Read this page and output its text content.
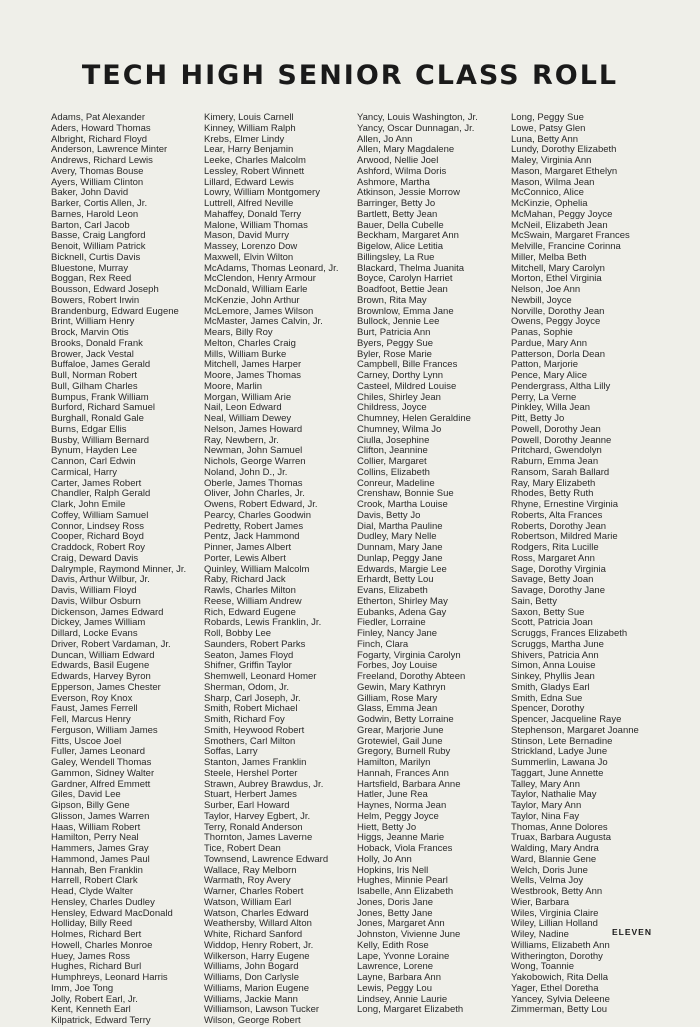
TECH HIGH SENIOR CLASS ROLL
Adams, Pat Alexander
Aders, Howard Thomas
Albright, Richard Floyd
Anderson, Lawrence Minter
Andrews, Richard Lewis
Avery, Thomas Bouse
Ayers, William Clinton
Baker, John David
Barker, Cortis Allen, Jr.
Barnes, Harold Leon
Barton, Carl Jacob
Basse, Craig Langford
Benoit, William Patrick
Bicknell, Curtis Davis
Bluestone, Murray
Boggan, Rex Reed
Bousson, Edward Joseph
Bowers, Robert Irwin
Brandenburg, Edward Eugene
Brint, William Henry
Brock, Marvin Otis
Brooks, Donald Frank
Brower, Jack Vestal
Buffaloe, James Gerald
Bull, Norman Robert
Bull, Gilham Charles
Bumpus, Frank William
Burford, Richard Samuel
Burghall, Ronald Gale
Burns, Edgar Ellis
Busby, William Bernard
Bynum, Hayden Lee
Cannon, Carl Edwin
Carmical, Harry
Carter, James Robert
Chandler, Ralph Gerald
Clark, John Emile
Coffey, William Samuel
Connor, Lindsey Ross
Cooper, Richard Boyd
Craddock, Robert Roy
Craig, Deward Davis
Dalrymple, Raymond Minner, Jr.
Davis, Arthur Wilbur, Jr.
Davis, William Floyd
Davis, Wilbur Osburn
Dickenson, James Edward
Dickey, James William
Dillard, Locke Evans
Driver, Robert Vardaman, Jr.
Duncan, William Edward
Edwards, Basil Eugene
Edwards, Harvey Byron
Epperson, James Chester
Everson, Roy Knox
Faust, James Ferrell
Fell, Marcus Henry
Ferguson, William James
Fitts, Uscoe Joel
Fuller, James Leonard
Galey, Wendell Thomas
Gammon, Sidney Walter
Gardner, Alfred Emmett
Giles, David Lee
Gipson, Billy Gene
Glisson, James Warren
Haas, William Robert
Hamilton, Perry Neal
Hammers, James Gray
Hammond, James Paul
Hannah, Ben Franklin
Harrell, Robert Clark
Head, Clyde Walter
Hensley, Charles Dudley
Hensley, Edward MacDonald
Holliday, Billy Reed
Holmes, Richard Bert
Howell, Charles Monroe
Huey, James Ross
Hughes, Richard Burl
Humphreys, Leonard Harris
Imm, Joe Tong
Jolly, Robert Earl, Jr.
Kent, Kenneth Earl
Kilpatrick, Edward Terry
Kimery, Louis Carnell
Kinney, William Ralph
Krebs, Elmer Lindy
Lear, Harry Benjamin
Leeke, Charles Malcolm
Lessley, Robert Winnett
Lillard, Edward Lewis
Lowry, William Montgomery
Luttrell, Alfred Neville
Mahaffey, Donald Terry
Malone, William Thomas
Mason, David Murry
Massey, Lorenzo Dow
Maxwell, Elvin Wilton
McAdams, Thomas Leonard, Jr.
McClendon, Henry Armour
McDonald, William Earle
McKenzie, John Arthur
McLemore, James Wilson
McMaster, James Calvin, Jr.
Mears, Billy Roy
Melton, Charles Craig
Mills, William Burke
Mitchell, James Harper
Moore, James Thomas
Moore, Marlin
Morgan, William Arie
Nail, Leon Edward
Neal, William Dewey
Nelson, James Howard
Ray, Newbern, Jr.
Newman, John Samuel
Nichols, George Warren
Noland, John D., Jr.
Oberle, James Thomas
Oliver, John Charles, Jr.
Owens, Robert Edward, Jr.
Pearcy, Charles Goodwin
Pedretty, Robert James
Pentz, Jack Hammond
Pinner, James Albert
Porter, Lewis Albert
Quinley, William Malcolm
Raby, Richard Jack
Rawls, Charles Milton
Reese, William Andrew
Rich, Edward Eugene
Robards, Lewis Franklin, Jr.
Roll, Bobby Lee
Saunders, Robert Parks
Seaton, James Floyd
Shifner, Griffin Taylor
Shemwell, Leonard Homer
Sherman, Odom, Jr.
Sharp, Carl Joseph, Jr.
Smith, Robert Michael
Smith, Richard Foy
Smith, Heywood Robert
Smothers, Carl Milton
Soffas, Larry
Stanton, James Franklin
Steele, Hershel Porter
Strawn, Aubrey Brawdus, Jr.
Stuart, Herbert James
Surber, Earl Howard
Taylor, Harvey Egbert, Jr.
Terry, Ronald Anderson
Thornton, James Laverne
Tice, Robert Dean
Townsend, Lawrence Edward
Wallace, Ray Melborn
Warmath, Roy Avery
Warner, Charles Robert
Watson, William Earl
Watson, Charles Edward
Weathersby, Willard Alton
White, Richard Sanford
Widdop, Henry Robert, Jr.
Wilkerson, Harry Eugene
Williams, John Bogard
Williams, Don Carlysle
Williams, Marion Eugene
Williams, Jackie Mann
Williamson, Lawson Tucker
Wilson, George Robert
Yancy, Louis Washington, Jr.
Yancy, Oscar Dunnagan, Jr.
Allen, Jo Ann
Allen, Mary Magdalene
Arwood, Nellie Joel
Ashford, Wilma Doris
Ashmore, Martha
Atkinson, Jessie Morrow
Barringer, Betty Jo
Bartlett, Betty Jean
Bauer, Della Cubelle
Beckham, Margaret Ann
Bigelow, Alice Letitia
Billingsley, La Rue
Blackard, Thelma Juanita
Boyce, Carolyn Harriet
Boadfoot, Bettie Jean
Brown, Rita May
Brownlow, Emma Jane
Bullock, Jennie Lee
Burt, Patricia Ann
Byers, Peggy Sue
Byler, Rose Marie
Campbell, Bille Frances
Carney, Dorthy Lynn
Casteel, Mildred Louise
Chiles, Shirley Jean
Childress, Joyce
Chumney, Helen Geraldine
Chumney, Wilma Jo
Ciulla, Josephine
Clifton, Jeannine
Collier, Margaret
Collins, Elizabeth
Conreur, Madeline
Crenshaw, Bonnie Sue
Crook, Martha Louise
Davis, Betty Jo
Dial, Martha Pauline
Dudley, Mary Nelle
Dunnam, Mary Jane
Dunlap, Peggy Jane
Edwards, Margie Lee
Erhardt, Betty Lou
Evans, Elizabeth
Etherton, Shirley May
Eubanks, Adena Gay
Fiedler, Lorraine
Finley, Nancy Jane
Finch, Clara
Fogarty, Virginia Carolyn
Forbes, Joy Louise
Freeland, Dorothy Abteen
Gewin, Mary Kathryn
Gilliam, Rose Mary
Glass, Emma Jean
Godwin, Betty Lorraine
Grear, Marjorie June
Grotewiel, Gail June
Gregory, Burnell Ruby
Hamilton, Marilyn
Hannah, Frances Ann
Hartsfield, Barbara Anne
Hatler, June Rea
Haynes, Norma Jean
Helm, Peggy Joyce
Hiett, Betty Jo
Higgs, Jeanne Marie
Hoback, Viola Frances
Holly, Jo Ann
Hopkins, Iris Nell
Hughes, Minnie Pearl
Isabelle, Ann Elizabeth
Jones, Doris Jane
Jones, Betty Jane
Jones, Margaret Ann
Johnston, Vivienne June
Kelly, Edith Rose
Lape, Yvonne Loraine
Lawrence, Lorene
Layne, Barbara Ann
Lewis, Peggy Lou
Lindsey, Annie Laurie
Long, Margaret Elizabeth
Long, Peggy Sue
Lowe, Patsy Glen
Luna, Betty Ann
Lundy, Dorothy Elizabeth
Maley, Virginia Ann
Mason, Margaret Ethelyn
Mason, Wilma Jean
McConnico, Alice
McKinzie, Ophelia
McMahan, Peggy Joyce
McNeil, Elizabeth Jean
McSwain, Margaret Frances
Melville, Francine Corinna
Miller, Melba Beth
Mitchell, Mary Carolyn
Morton, Ethel Virginia
Nelson, Joe Ann
Newbill, Joyce
Norville, Dorothy Jean
Owens, Peggy Joyce
Panas, Sophie
Pardue, Mary Ann
Patterson, Dorla Dean
Patton, Marjorie
Pence, Mary Alice
Pendergrass, Altha Lilly
Perry, La Verne
Pinkley, Willa Jean
Pitt, Betty Jo
Powell, Dorothy Jean
Powell, Dorothy Jeanne
Pritchard, Gwendolyn
Raburn, Emma Jean
Ransom, Sarah Ballard
Ray, Mary Elizabeth
Rhodes, Betty Ruth
Rhyne, Ernestine Virginia
Roberts, Alta Frances
Roberts, Dorothy Jean
Robertson, Mildred Marie
Rodgers, Rita Lucille
Ross, Margaret Ann
Sage, Dorothy Virginia
Savage, Betty Joan
Savage, Dorothy Jane
Sain, Betty
Saxon, Betty Sue
Scott, Patricia Joan
Scruggs, Frances Elizabeth
Scruggs, Martha June
Shivers, Patricia Ann
Simon, Anna Louise
Sinkey, Phyllis Jean
Smith, Gladys Earl
Smith, Edna Sue
Spencer, Dorothy
Spencer, Jacqueline Raye
Stephenson, Margaret Joanne
Stinson, Lete Bernadine
Strickland, Ladye June
Summerlin, Lawana Jo
Taggart, June Annette
Talley, Mary Ann
Taylor, Nathalie May
Taylor, Mary Ann
Taylor, Nina Fay
Thomas, Anne Dolores
Truax, Barbara Augusta
Walding, Mary Andra
Ward, Blannie Gene
Welch, Doris June
Wells, Velma Joy
Westbrook, Betty Ann
Wier, Barbara
Wiles, Virginia Claire
Wiley, Lillian Holland
Wiley, Nadine
Williams, Elizabeth Ann
Witherington, Dorothy
Wong, Toannie
Yakobowich, Rita Della
Yager, Ethel Doretha
Yancey, Sylvia Deleene
Zimmerman, Betty Lou
ELEVEN
